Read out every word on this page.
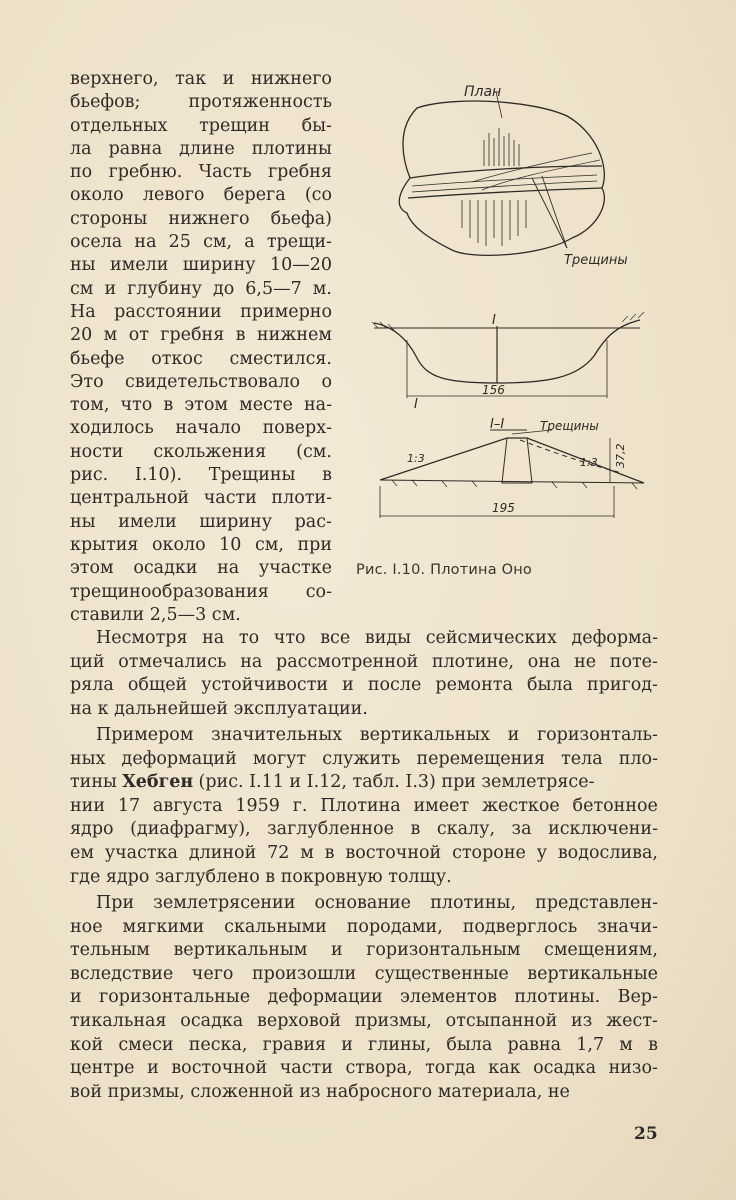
верхнего, так и нижнего
бьефов;	протяженность
отдельных трещин бы-
ла равна длине плотины
по гребню. Часть гребня
около левого берега (со
стороны нижнего бьефа)
осела на 25 см, а трещи-
ны имели ширину 10—20
см и глубину до 6,5—7 м.
На расстоянии примерно
20 м от гребня в нижнем
бьефе откос сместился.
Это свидетельствовало о
том, что в этом месте на-
ходилось начало поверх-
ности скольжения (см.
рис. I.10). Трещины в
центральной части плоти-
ны имели ширину рас-
крытия около 10 см, при
этом осадки на участке
трещинообразования со-
ставили 2,5—3 см.
План
Трещины
I
I
156
I–I	Трещины
1:3	1:3 37,2
195
Рис. I.10. Плотина Оно
Несмотря на то что все виды сейсмических деформа-
ций отмечались на рассмотренной плотине, она не поте-
ряла общей устойчивости и после ремонта была пригод-
на к дальнейшей эксплуатации.
Примером значительных вертикальных и горизонталь-
ных деформаций могут служить перемещения тела пло-
тины Хебген (рис. I.11 и I.12, табл. I.3) при землетрясе-
нии 17 августа 1959 г. Плотина имеет жесткое бетонное
ядро (диафрагму), заглубленное в скалу, за исключени-
ем участка длиной 72 м в восточной стороне у водослива,
где ядро заглублено в покровную толщу.
При землетрясении основание плотины, представлен-
ное мягкими скальными породами, подверглось значи-
тельным вертикальным и горизонтальным смещениям,
вследствие чего произошли существенные вертикальные
и горизонтальные деформации элементов плотины. Вер-
тикальная осадка верховой призмы, отсыпанной из жест-
кой смеси песка, гравия и глины, была равна 1,7 м в
центре и восточной части створа, тогда как осадка низо-
вой призмы, сложенной из набросного материала, не
25
